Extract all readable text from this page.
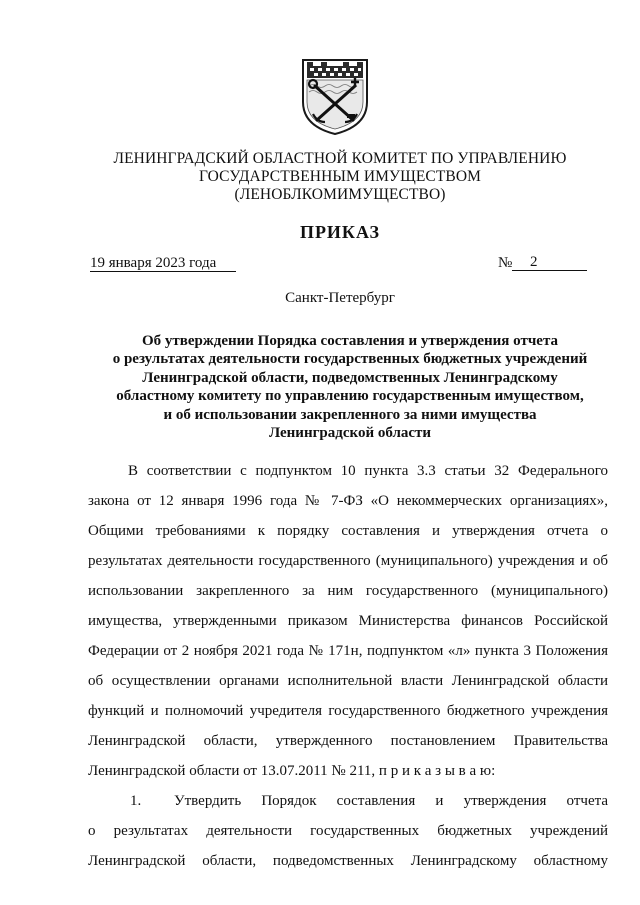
ЛЕНИНГРАДСКИЙ ОБЛАСТНОЙ КОМИТЕТ ПО УПРАВЛЕНИЮ
ГОСУДАРСТВЕННЫМ ИМУЩЕСТВОМ
(ЛЕНОБЛКОМИМУЩЕСТВО)
ПРИКАЗ
19 января 2023 года	№	2
Санкт-Петербург
Об утверждении Порядка составления и утверждения отчета
о результатах деятельности государственных бюджетных учреждений
Ленинградской области, подведомственных Ленинградскому
областному комитету по управлению государственным имуществом,
и об использовании закрепленного за ними имущества
Ленинградской области
В соответствии с подпунктом 10 пункта 3.3 статьи 32 Федерального
закона от 12 января 1996 года № 7-ФЗ «О некоммерческих организациях»,
Общими требованиями к порядку составления и утверждения отчета о
результатах деятельности государственного (муниципального) учреждения и об
использовании закрепленного за ним государственного (муниципального)
имущества, утвержденными приказом Министерства финансов Российской
Федерации от 2 ноября 2021 года № 171н, подпунктом «л» пункта 3 Положения
об осуществлении органами исполнительной власти Ленинградской области
функций и полномочий учредителя государственного бюджетного учреждения
Ленинградской области, утвержденного постановлением Правительства
Ленинградской области от 13.07.2011 № 211, п р и к а з ы в а ю:
1. Утвердить Порядок составления и утверждения отчета
о результатах деятельности государственных бюджетных учреждений
Ленинградской области, подведомственных Ленинградскому областному
